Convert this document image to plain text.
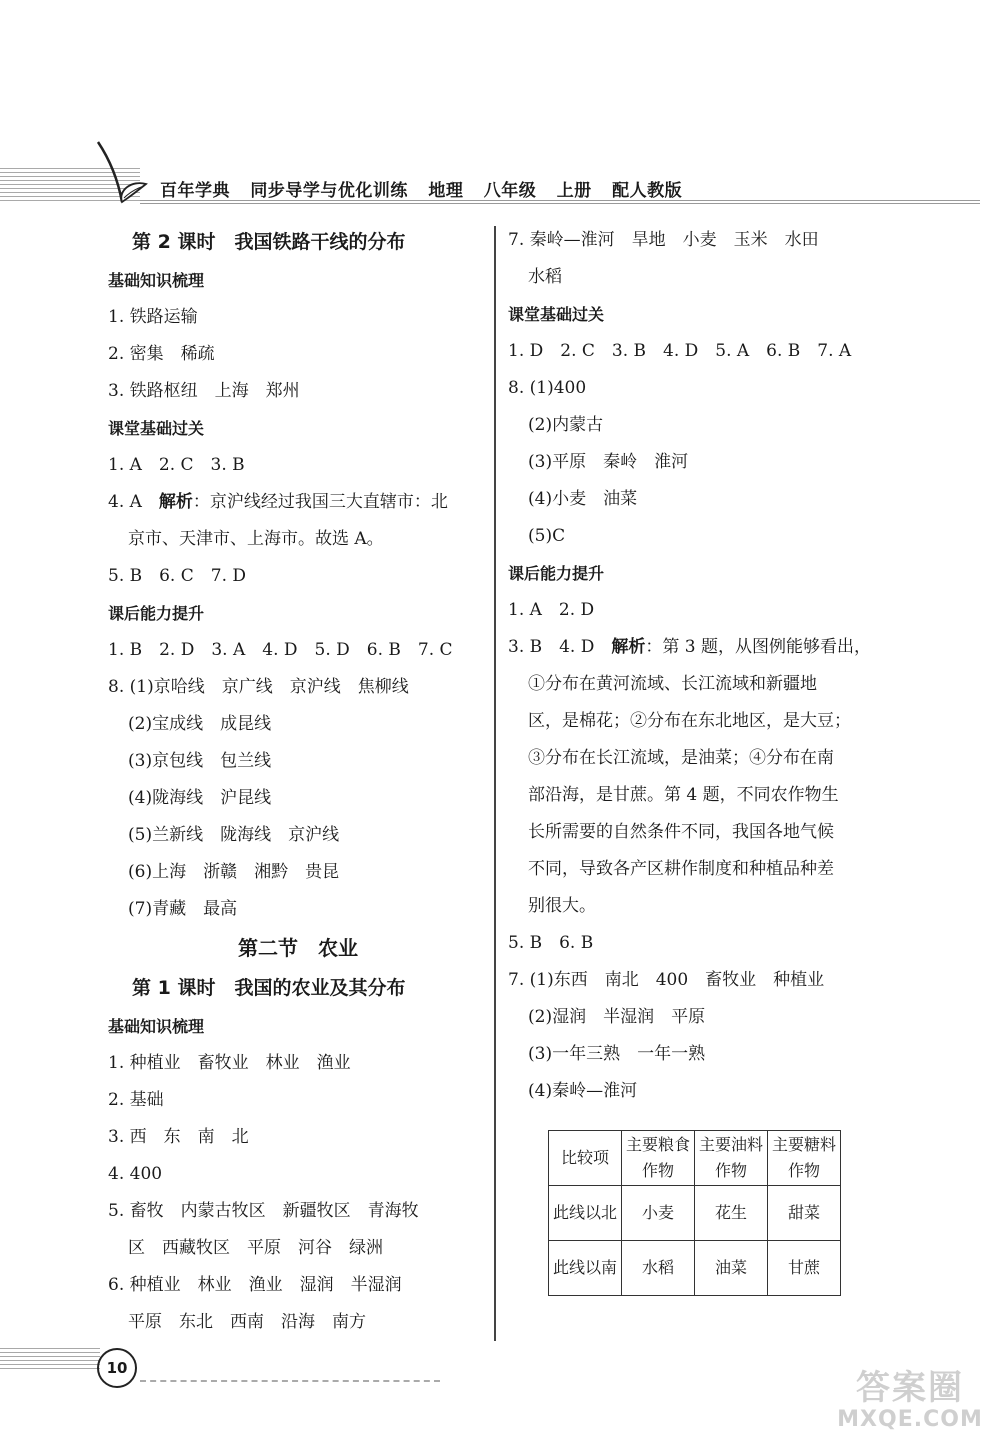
百年学典 同步导学与优化训练 地理 八年级 上册 配人教版
第 2 课时　我国铁路干线的分布
基础知识梳理
1. 铁路运输
2. 密集　稀疏
3. 铁路枢纽　上海　郑州
课堂基础过关
1. A　2. C　3. B
4. A　解析：京沪线经过我国三大直辖市：北
京市、天津市、上海市。故选 A。
5. B　6. C　7. D
课后能力提升
1. B　2. D　3. A　4. D　5. D　6. B　7. C
8. (1)京哈线　京广线　京沪线　焦柳线
(2)宝成线　成昆线
(3)京包线　包兰线
(4)陇海线　沪昆线
(5)兰新线　陇海线　京沪线
(6)上海　浙赣　湘黔　贵昆
(7)青藏　最高
第二节　农业
第 1 课时　我国的农业及其分布
基础知识梳理
1. 种植业　畜牧业　林业　渔业
2. 基础
3. 西　东　南　北
4. 400
5. 畜牧　内蒙古牧区　新疆牧区　青海牧
区　西藏牧区　平原　河谷　绿洲
6. 种植业　林业　渔业　湿润　半湿润
平原　东北　西南　沿海　南方
7. 秦岭—淮河　旱地　小麦　玉米　水田
水稻
课堂基础过关
1. D　2. C　3. B　4. D　5. A　6. B　7. A
8. (1)400
(2)内蒙古
(3)平原　秦岭　淮河
(4)小麦　油菜
(5)C
课后能力提升
1. A　2. D
3. B　4. D　解析：第 3 题，从图例能够看出，
①分布在黄河流域、长江流域和新疆地
区，是棉花；②分布在东北地区，是大豆；
③分布在长江流域，是油菜；④分布在南
部沿海，是甘蔗。第 4 题，不同农作物生
长所需要的自然条件不同，我国各地气候
不同，导致各产区耕作制度和种植品种差
别很大。
5. B　6. B
7. (1)东西　南北　400　畜牧业　种植业
(2)湿润　半湿润　平原
(3)一年三熟　一年一熟
(4)秦岭—淮河
比较项	主要粮食作物	主要油料作物	主要糖料作物
此线以北	小麦	花生	甜菜
此线以南	水稻	油菜	甘蔗
10	答案圈
MXQE.COM
